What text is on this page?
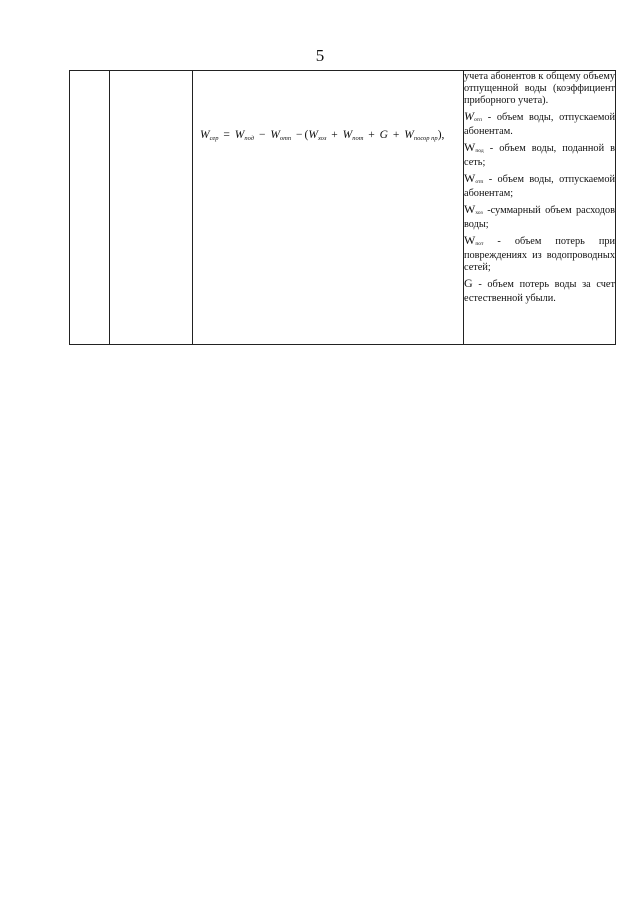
5

$W_{сер} = W_{под} - W_{отп} - (W_{хоз} + W_{пот} + G + W_{посор пр})$,

учета абонентов к общему объему отпущенной воды (коэффициент приборного учета).

$W_{отп}$ - объем воды, отпускаемой абонентам.

$W_{под}$ - объем воды, поданной в сеть;

$W_{отп}$ - объем воды, отпускаемой абонентам;

$W_{хоз}$ -суммарный объем расходов воды;

$W_{пот}$ - объем потерь при повреждениях из водопроводных сетей;

G - объем потерь воды за счет естественной убыли.
